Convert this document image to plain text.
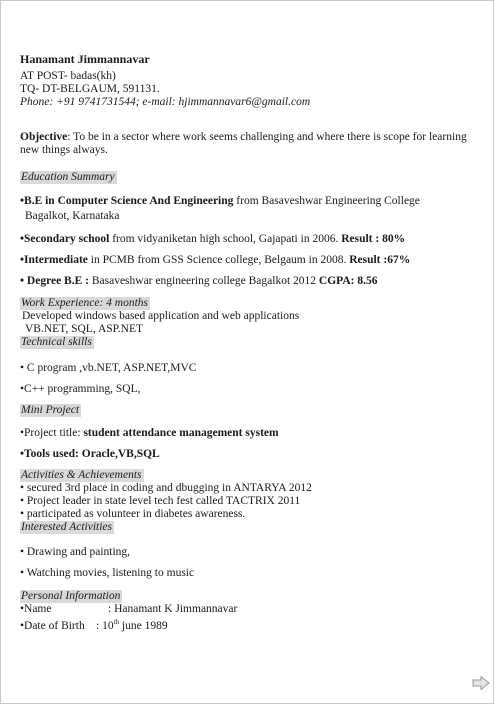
Hanamant Jimmannavar
AT POST- badas(kh)
TQ- DT-BELGAUM, 591131.
Phone: +91 9741731544; e-mail: hjimmannavar6@gmail.com
Objective: To be in a sector where work seems challenging and where there is scope for learning new things always.
Education Summary
•B.E in Computer Science And Engineering from Basaveshwar Engineering College
Bagalkot, Karnataka
•Secondary school from vidyaniketan high school, Gajapati in 2006. Result : 80%
•Intermediate in PCMB from GSS Science college, Belgaum in 2008. Result :67%
• Degree B.E : Basaveshwar engineering college Bagalkot 2012 CGPA: 8.56
Work Experience: 4 months
Developed windows based application and web applications
VB.NET, SQL, ASP.NET
Technical skills
• C program ,vb.NET, ASP.NET,MVC
•C++ programming, SQL,
Mini Project
•Project title: student attendance management system
•Tools used: Oracle,VB,SQL
Activities & Achievements
• secured 3rd place in coding and dbugging in ANTARYA 2012
• Project leader in state level tech fest called TACTRIX 2011
• participated as volunteer in diabetes awareness.
Interested Activities
• Drawing and painting,
• Watching movies, listening to music
Personal Information
•Name	: Hanamant K Jimmannavar
•Date of Birth : 10th june 1989
